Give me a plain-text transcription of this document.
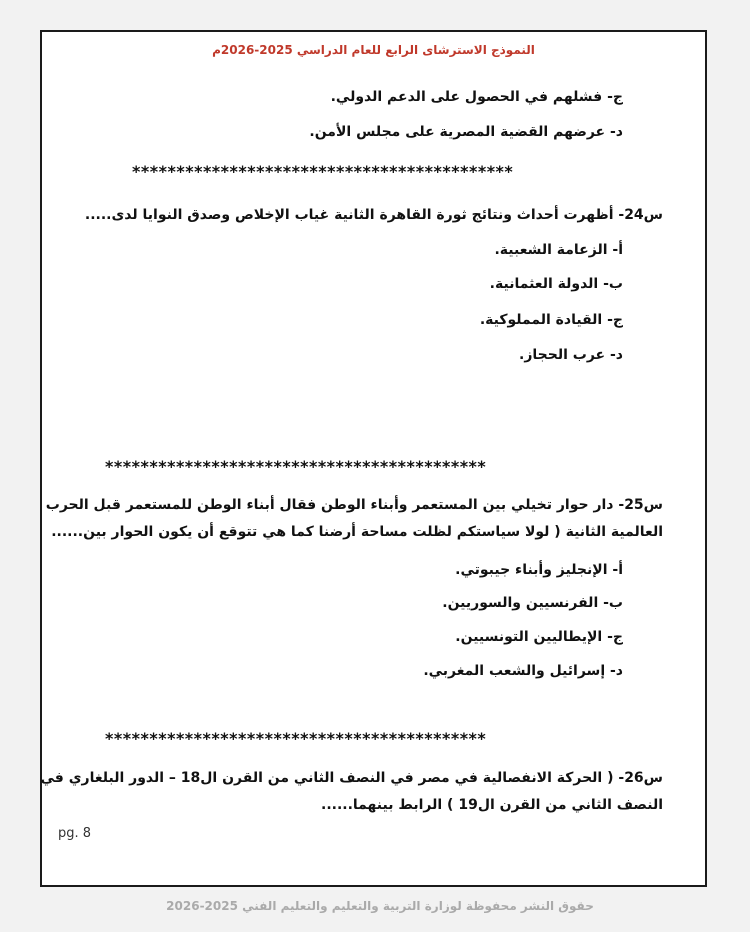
النموذج الاسترشاى الرابع للعام الدراسي 2025-2026م
ج- فشلهم في الحصول على الدعم الدولي.
د- عرضهم القضية المصرية على مجلس الأمن.
*******************************************
س24- أظهرت أحداث ونتائج ثورة القاهرة الثانية غياب الإخلاص وصدق النوايا لدى.....
أ- الزعامة الشعبية.
ب- الدولة العثمانية.
ج- القيادة المملوكية.
د- عرب الحجاز.
*******************************************
س25- دار حوار تخيلي بين المستعمر وأبناء الوطن فقال أبناء الوطن للمستعمر قبل الحرب
العالمية الثانية ( لولا سياستكم لظلت مساحة أرضنا كما هي تتوقع أن يكون الحوار بين......
أ- الإنجليز وأبناء جيبوتي.
ب- الفرنسيين والسوريين.
ج- الإيطاليين التونسيين.
د- إسرائيل والشعب المغربي.
*******************************************
س26- ( الحركة الانفصالية في مصر في النصف الثاني من القرن ال18 – الدور البلغاري في
النصف الثاني من القرن ال19 ) الرابط بينهما......
pg. 8
حقوق النشر محفوظة لوزارة التربية والتعليم والتعليم الفني 2025-2026
